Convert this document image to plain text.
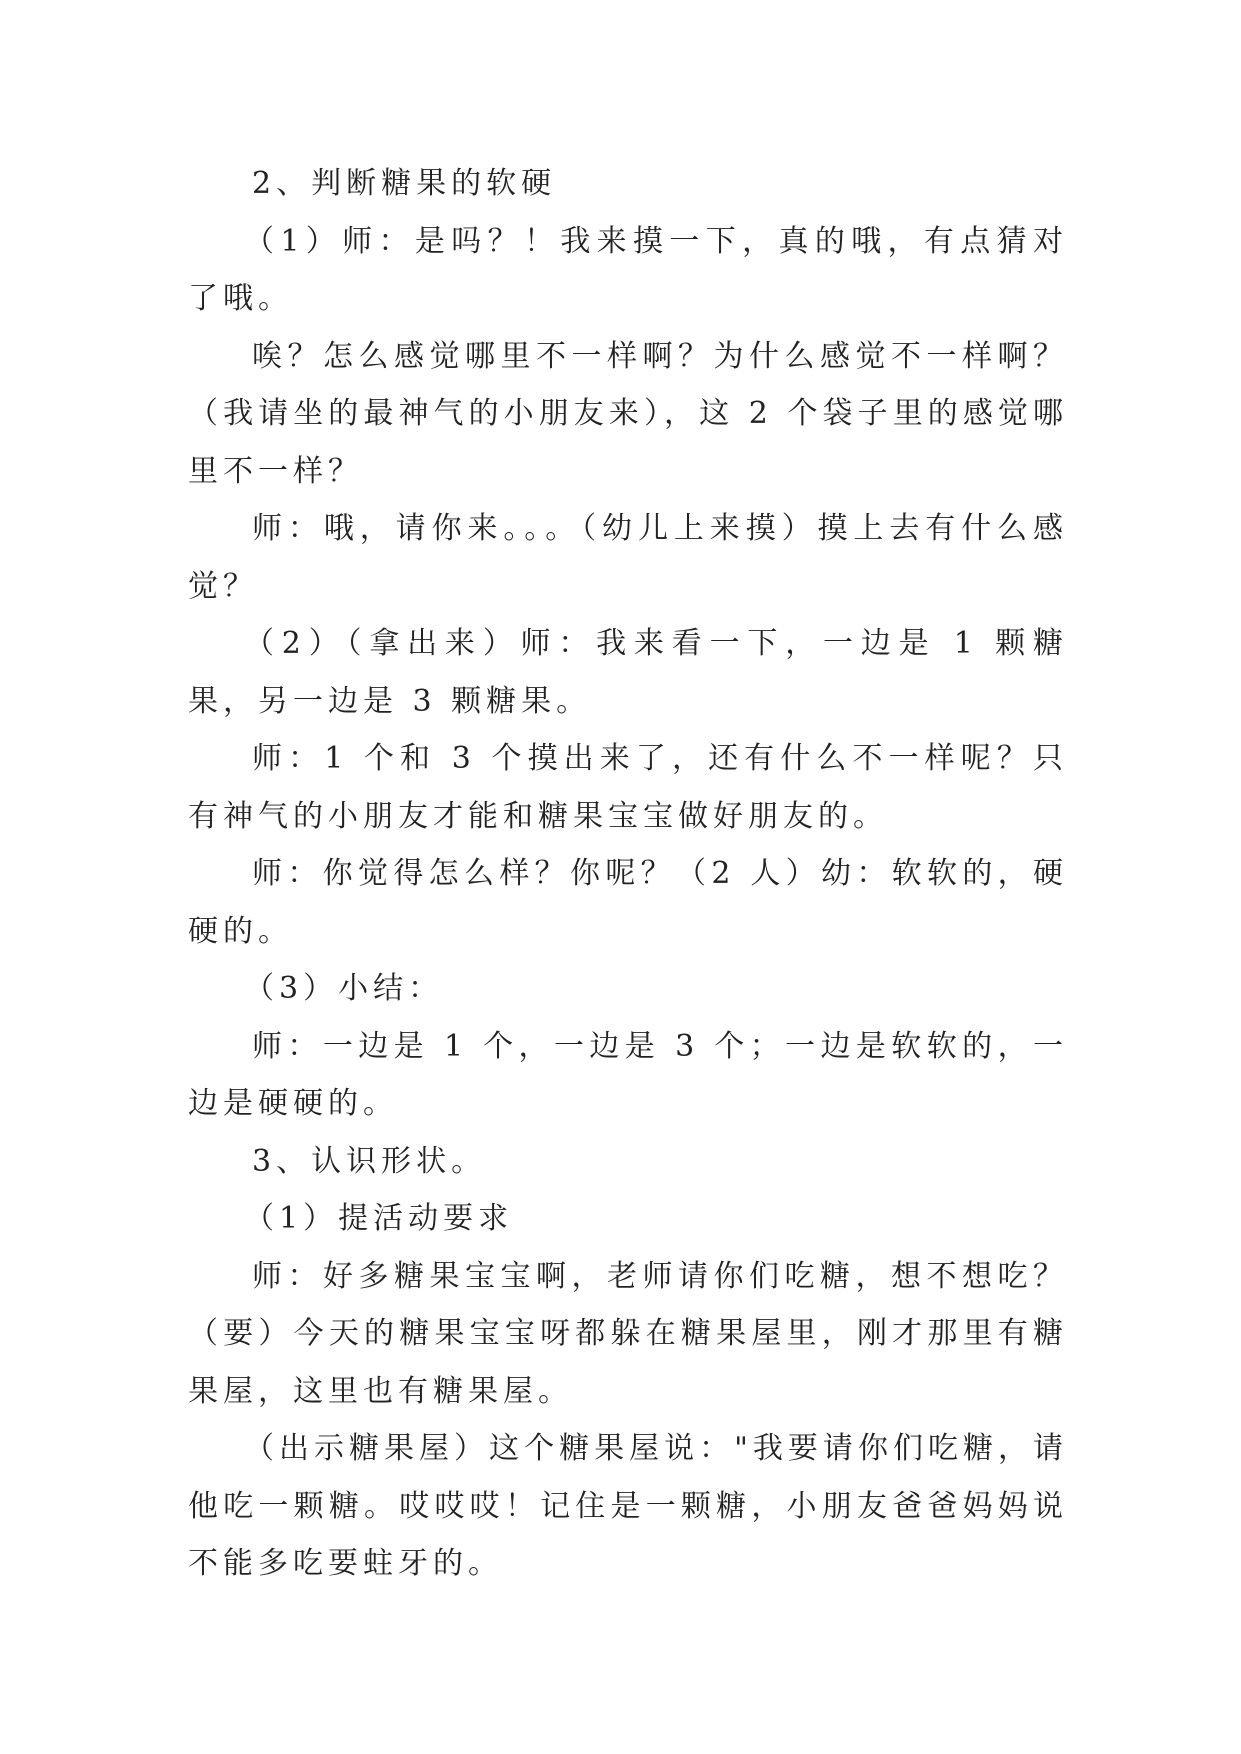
2、判断糖果的软硬

（1）师：是吗？！我来摸一下，真的哦，有点猜对了哦。

唉？怎么感觉哪里不一样啊？为什么感觉不一样啊？（我请坐的最神气的小朋友来），这 2 个袋子里的感觉哪里不一样？

师：哦，请你来。。。（幼儿上来摸）摸上去有什么感觉？

（2）（拿出来）师：我来看一下，一边是 1 颗糖果，另一边是 3 颗糖果。

师：1 个和 3 个摸出来了，还有什么不一样呢？只有神气的小朋友才能和糖果宝宝做好朋友的。

师：你觉得怎么样？你呢？（2 人）幼：软软的，硬硬的。

（3）小结：

师：一边是 1 个，一边是 3 个；一边是软软的，一边是硬硬的。

3、认识形状。

（1）提活动要求

师：好多糖果宝宝啊，老师请你们吃糖，想不想吃？（要）今天的糖果宝宝呀都躲在糖果屋里，刚才那里有糖果屋，这里也有糖果屋。

（出示糖果屋）这个糖果屋说："我要请你们吃糖，请他吃一颗糖。哎哎哎！记住是一颗糖，小朋友爸爸妈妈说不能多吃要蛀牙的。
